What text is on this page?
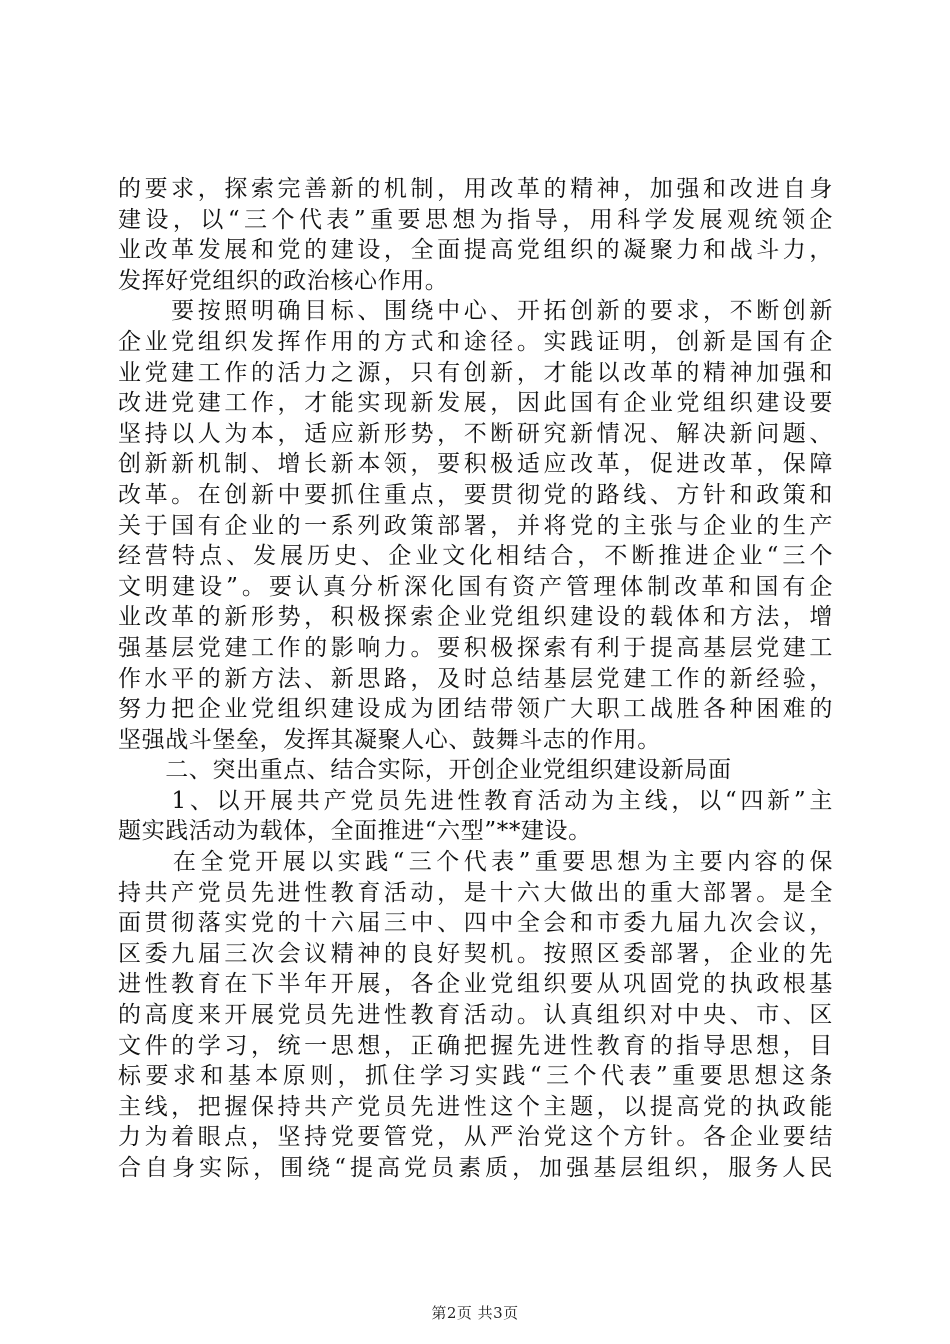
的要求，探索完善新的机制，用改革的精神，加强和改进自身
建设，以“三个代表”重要思想为指导，用科学发展观统领企
业改革发展和党的建设，全面提高党组织的凝聚力和战斗力，
发挥好党组织的政治核心作用。
　　要按照明确目标、围绕中心、开拓创新的要求，不断创新
企业党组织发挥作用的方式和途径。实践证明，创新是国有企
业党建工作的活力之源，只有创新，才能以改革的精神加强和
改进党建工作，才能实现新发展，因此国有企业党组织建设要
坚持以人为本，适应新形势，不断研究新情况、解决新问题、
创新新机制、增长新本领，要积极适应改革，促进改革，保障
改革。在创新中要抓住重点，要贯彻党的路线、方针和政策和
关于国有企业的一系列政策部署，并将党的主张与企业的生产
经营特点、发展历史、企业文化相结合，不断推进企业“三个
文明建设”。要认真分析深化国有资产管理体制改革和国有企
业改革的新形势，积极探索企业党组织建设的载体和方法，增
强基层党建工作的影响力。要积极探索有利于提高基层党建工
作水平的新方法、新思路，及时总结基层党建工作的新经验，
努力把企业党组织建设成为团结带领广大职工战胜各种困难的
坚强战斗堡垒，发挥其凝聚人心、鼓舞斗志的作用。
　　二、突出重点、结合实际，开创企业党组织建设新局面
　　1、以开展共产党员先进性教育活动为主线，以“四新”主
题实践活动为载体，全面推进“六型”**建设。
　　在全党开展以实践“三个代表”重要思想为主要内容的保
持共产党员先进性教育活动，是十六大做出的重大部署。是全
面贯彻落实党的十六届三中、四中全会和市委九届九次会议，
区委九届三次会议精神的良好契机。按照区委部署，企业的先
进性教育在下半年开展，各企业党组织要从巩固党的执政根基
的高度来开展党员先进性教育活动。认真组织对中央、市、区
文件的学习，统一思想，正确把握先进性教育的指导思想，目
标要求和基本原则，抓住学习实践“三个代表”重要思想这条
主线，把握保持共产党员先进性这个主题，以提高党的执政能
力为着眼点，坚持党要管党，从严治党这个方针。各企业要结
合自身实际，围绕“提高党员素质，加强基层组织，服务人民
第2页 共3页
